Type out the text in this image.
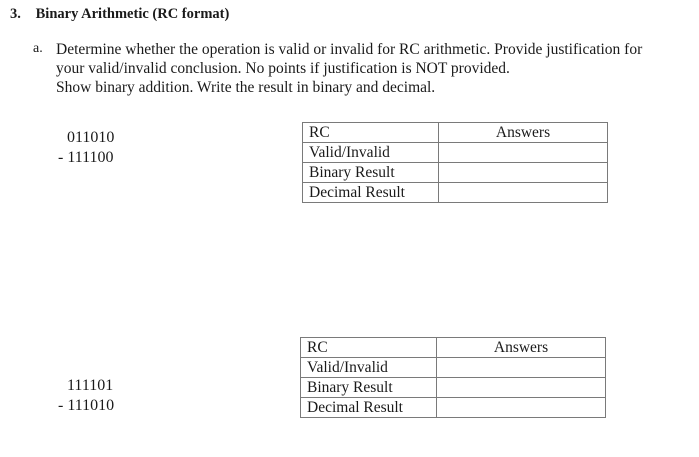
3. Binary Arithmetic (RC format)
a. Determine whether the operation is valid or invalid for RC arithmetic. Provide justification for
your valid/invalid conclusion. No points if justification is NOT provided.
Show binary addition. Write the result in binary and decimal.
011010
- 111100
RC	Answers
Valid/Invalid	
Binary Result	
Decimal Result	
111101
- 111010
RC	Answers
Valid/Invalid	
Binary Result	
Decimal Result	
